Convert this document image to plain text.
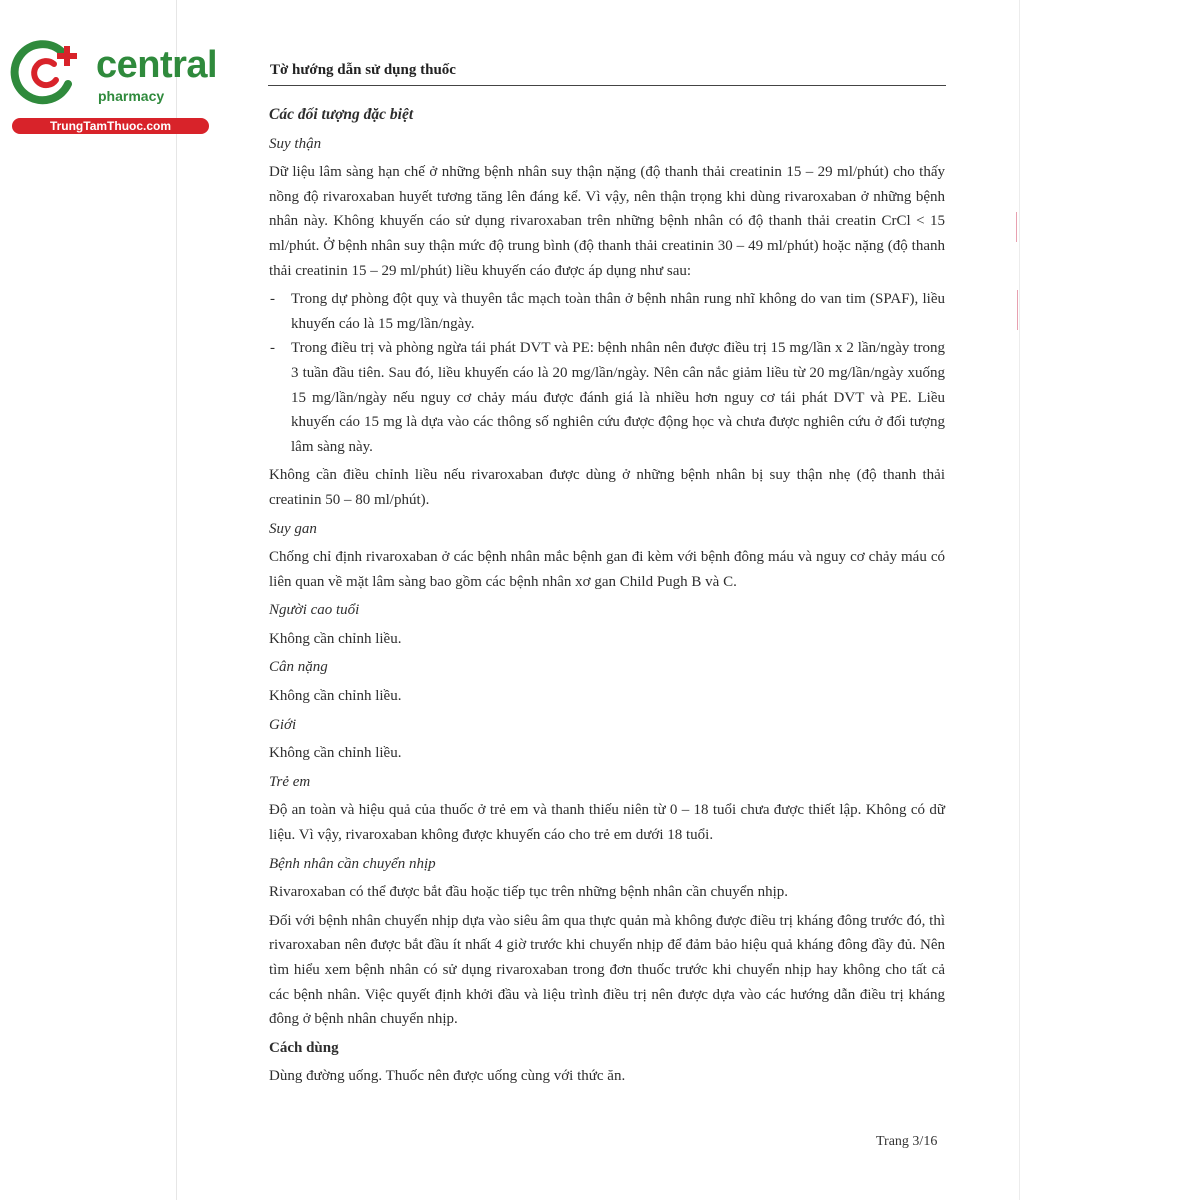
central
pharmacy
TrungTamThuoc.com
Tờ hướng dẫn sử dụng thuốc
Các đối tượng đặc biệt
Suy thận

Dữ liệu lâm sàng hạn chế ở những bệnh nhân suy thận nặng (độ thanh thải creatinin 15 – 29 ml/phút) cho thấy nồng độ rivaroxaban huyết tương tăng lên đáng kể. Vì vậy, nên thận trọng khi dùng rivaroxaban ở những bệnh nhân này. Không khuyến cáo sử dụng rivaroxaban trên những bệnh nhân có độ thanh thải creatin CrCl < 15 ml/phút. Ở bệnh nhân suy thận mức độ trung bình (độ thanh thải creatinin 30 – 49 ml/phút) hoặc nặng (độ thanh thải creatinin 15 – 29 ml/phút) liều khuyến cáo được áp dụng như sau:

- Trong dự phòng đột quỵ và thuyên tắc mạch toàn thân ở bệnh nhân rung nhĩ không do van tim (SPAF), liều khuyến cáo là 15 mg/lần/ngày.
- Trong điều trị và phòng ngừa tái phát DVT và PE: bệnh nhân nên được điều trị 15 mg/lần x 2 lần/ngày trong 3 tuần đầu tiên. Sau đó, liều khuyến cáo là 20 mg/lần/ngày. Nên cân nắc giảm liều từ 20 mg/lần/ngày xuống 15 mg/lần/ngày nếu nguy cơ chảy máu được đánh giá là nhiều hơn nguy cơ tái phát DVT và PE. Liều khuyến cáo 15 mg là dựa vào các thông số nghiên cứu được động học và chưa được nghiên cứu ở đối tượng lâm sàng này.

Không cần điều chỉnh liều nếu rivaroxaban được dùng ở những bệnh nhân bị suy thận nhẹ (độ thanh thải creatinin 50 – 80 ml/phút).

Suy gan

Chống chỉ định rivaroxaban ở các bệnh nhân mắc bệnh gan đi kèm với bệnh đông máu và nguy cơ chảy máu có liên quan về mặt lâm sàng bao gồm các bệnh nhân xơ gan Child Pugh B và C.

Người cao tuổi

Không cần chỉnh liều.

Cân nặng

Không cần chỉnh liều.

Giới

Không cần chỉnh liều.

Trẻ em

Độ an toàn và hiệu quả của thuốc ở trẻ em và thanh thiếu niên từ 0 – 18 tuổi chưa được thiết lập. Không có dữ liệu. Vì vậy, rivaroxaban không được khuyến cáo cho trẻ em dưới 18 tuổi.

Bệnh nhân cần chuyển nhịp

Rivaroxaban có thể được bắt đầu hoặc tiếp tục trên những bệnh nhân cần chuyển nhịp.

Đối với bệnh nhân chuyển nhịp dựa vào siêu âm qua thực quản mà không được điều trị kháng đông trước đó, thì rivaroxaban nên được bắt đầu ít nhất 4 giờ trước khi chuyển nhịp để đảm bảo hiệu quả kháng đông đầy đủ. Nên tìm hiểu xem bệnh nhân có sử dụng rivaroxaban trong đơn thuốc trước khi chuyển nhịp hay không cho tất cả các bệnh nhân. Việc quyết định khởi đầu và liệu trình điều trị nên được dựa vào các hướng dẫn điều trị kháng đông ở bệnh nhân chuyển nhịp.

Cách dùng

Dùng đường uống. Thuốc nên được uống cùng với thức ăn.

Trang 3/16
